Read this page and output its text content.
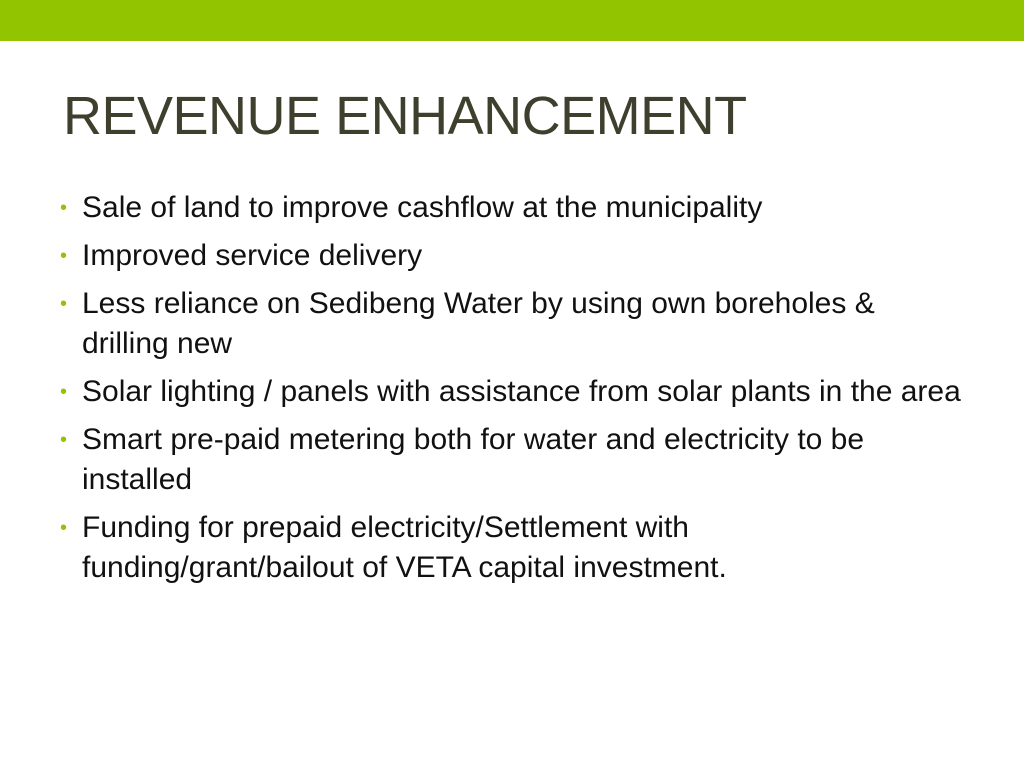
REVENUE ENHANCEMENT
• Sale of land to improve cashflow at the municipality
• Improved service delivery
• Less reliance on Sedibeng Water by using own boreholes & drilling new
• Solar lighting / panels with assistance from solar plants in the area
• Smart pre-paid metering both for water and electricity to be installed
• Funding for prepaid electricity/Settlement with funding/grant/bailout of VETA capital investment.
